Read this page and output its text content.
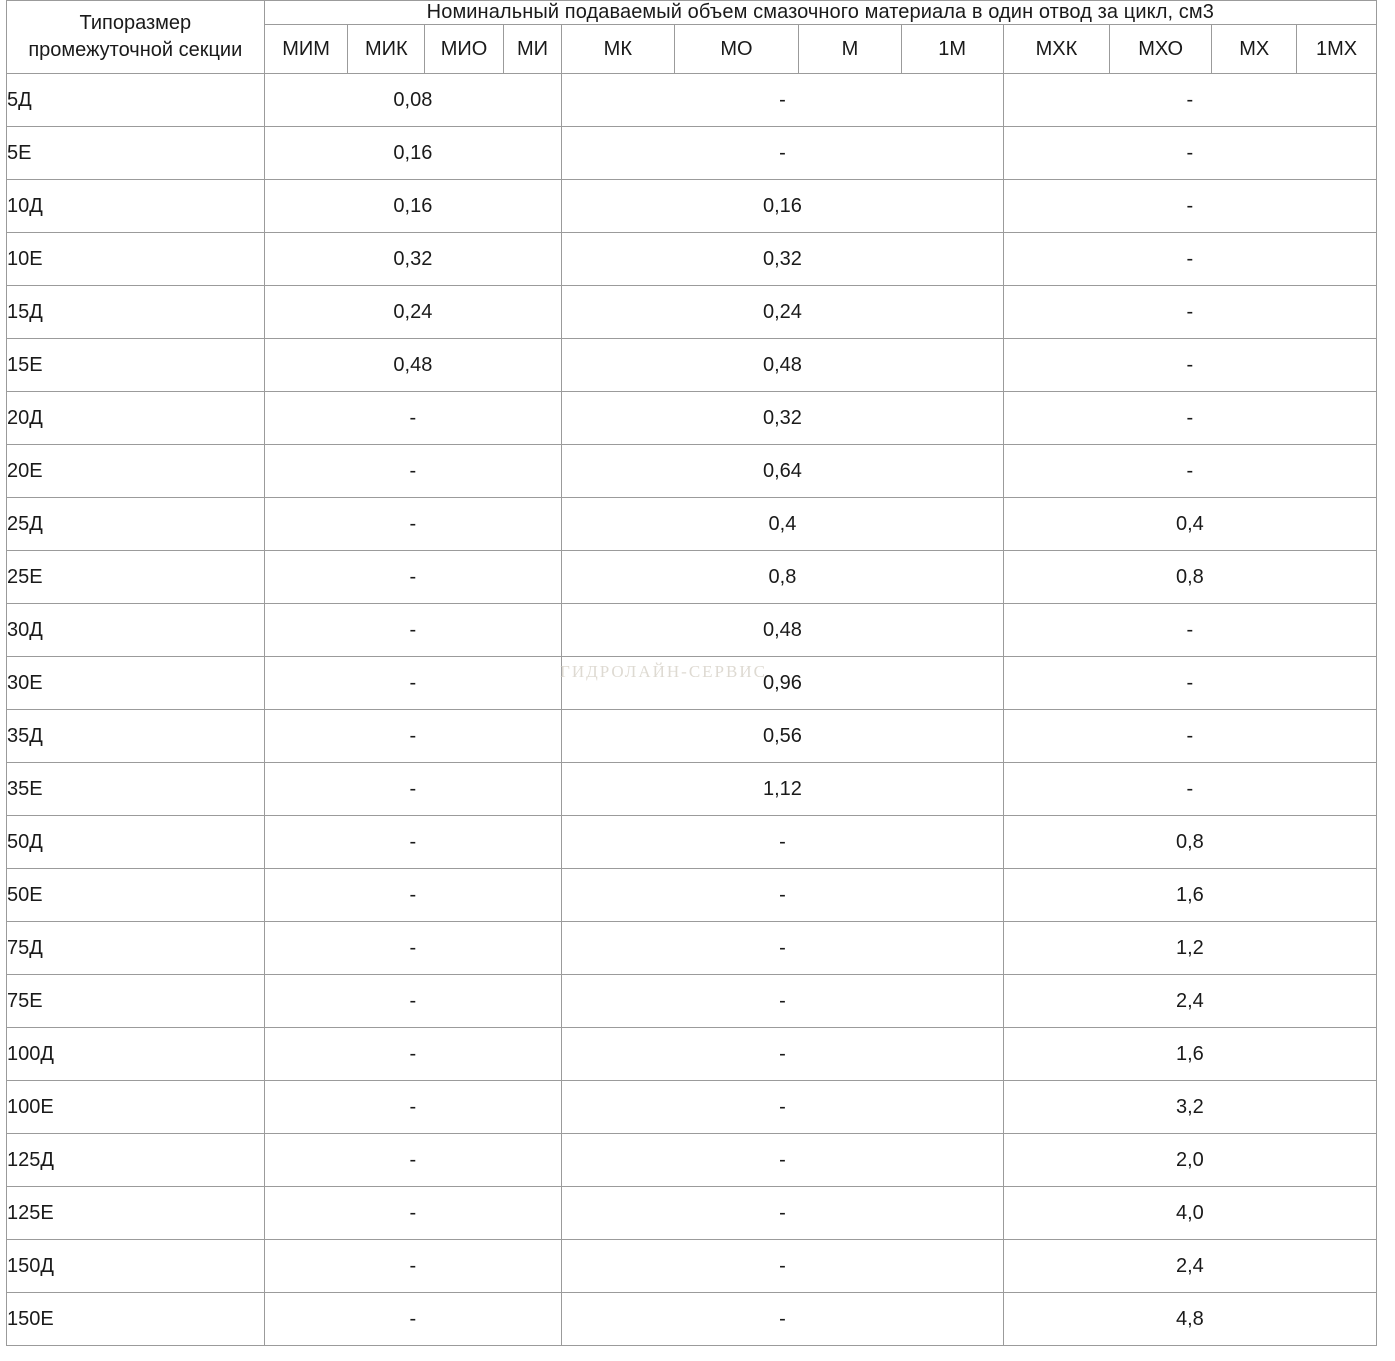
Типоразмер промежуточной секции	Номинальный подаваемый объем смазочного материала в один отвод за цикл, см3											
	МИМ	МИК	МИО	МИ	МК	МО	М	1М	МХК	МХО	МХ	1МХ
5Д	0,08				-				-			
5Е	0,16				-				-			
10Д	0,16				0,16				-			
10Е	0,32				0,32				-			
15Д	0,24				0,24				-			
15Е	0,48				0,48				-			
20Д	-				0,32				-			
20Е	-				0,64				-			
25Д	-				0,4				0,4			
25Е	-				0,8				0,8			
30Д	-				0,48				-			
30Е	-				0,96				-			
35Д	-				0,56				-			
35Е	-				1,12				-			
50Д	-				-				0,8			
50Е	-				-				1,6			
75Д	-				-				1,2			
75Е	-				-				2,4			
100Д	-				-				1,6			
100Е	-				-				3,2			
125Д	-				-				2,0			
125Е	-				-				4,0			
150Д	-				-				2,4			
150Е	-				-				4,8			
ГИДРОЛАЙН-СЕРВИС
